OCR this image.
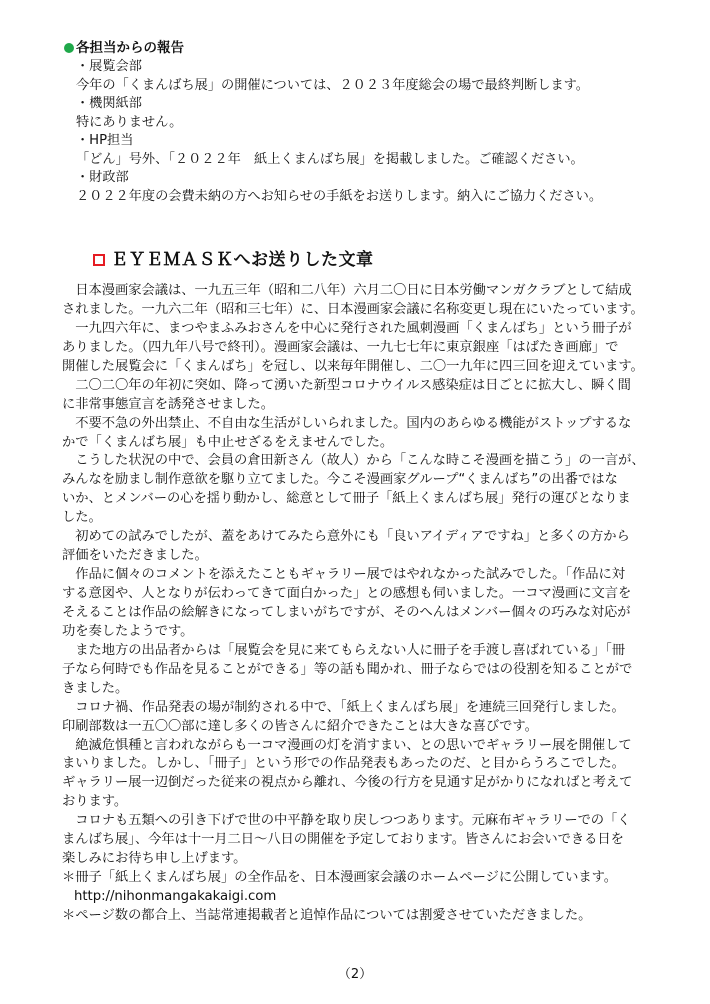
各担当からの報告
・展覧会部
今年の「くまんばち展」の開催については、２０２３年度総会の場で最終判断します。
・機関紙部
特にありません。
・HP担当
「どん」号外、「２０２２年　紙上くまんばち展」を掲載しました。ご確認ください。
・財政部
２０２２年度の会費未納の方へお知らせの手紙をお送りします。納入にご協力ください。
ＥＹＥＭＡＳＫへお送りした文章
　日本漫画家会議は、一九五三年（昭和二八年）六月二〇日に日本労働マンガクラブとして結成
されました。一九六二年（昭和三七年）に、日本漫画家会議に名称変更し現在にいたっています。
　一九四六年に、まつやまふみおさんを中心に発行された風刺漫画「くまんばち」という冊子が
ありました。（四九年八号で終刊）。漫画家会議は、一九七七年に東京銀座「はばたき画廊」で
開催した展覧会に「くまんばち」を冠し、以来毎年開催し、二〇一九年に四三回を迎えています。
　二〇二〇年の年初に突如、降って湧いた新型コロナウイルス感染症は日ごとに拡大し、瞬く間
に非常事態宣言を誘発させました。
　不要不急の外出禁止、不自由な生活がしいられました。国内のあらゆる機能がストップするな
かで「くまんばち展」も中止せざるをえませんでした。
　こうした状況の中で、会員の倉田新さん（故人）から「こんな時こそ漫画を描こう」の一言が、
みんなを励まし制作意欲を駆り立てました。今こそ漫画家グループ“くまんばち”の出番ではな
いか、とメンバーの心を揺り動かし、総意として冊子「紙上くまんばち展」発行の運びとなりま
した。
　初めての試みでしたが、蓋をあけてみたら意外にも「良いアイディアですね」と多くの方から
評価をいただきました。
　作品に個々のコメントを添えたこともギャラリー展ではやれなかった試みでした。「作品に対
する意図や、人となりが伝わってきて面白かった」との感想も伺いました。一コマ漫画に文言を
そえることは作品の絵解きになってしまいがちですが、そのへんはメンバー個々の巧みな対応が
功を奏したようです。
　また地方の出品者からは「展覧会を見に来てもらえない人に冊子を手渡し喜ばれている」「冊
子なら何時でも作品を見ることができる」等の話も聞かれ、冊子ならではの役割を知ることがで
きました。
　コロナ禍、作品発表の場が制約される中で、「紙上くまんばち展」を連続三回発行しました。
印刷部数は一五〇〇部に達し多くの皆さんに紹介できたことは大きな喜びです。
　絶滅危惧種と言われながらも一コマ漫画の灯を消すまい、との思いでギャラリー展を開催して
まいりました。しかし、「冊子」という形での作品発表もあったのだ、と目からうろこでした。
ギャラリー展一辺倒だった従来の視点から離れ、今後の行方を見通す足がかりになればと考えて
おります。
　コロナも五類への引き下げで世の中平静を取り戻しつつあります。元麻布ギャラリーでの「く
まんばち展」、今年は十一月二日～八日の開催を予定しております。皆さんにお会いできる日を
楽しみにお待ち申し上げます。
＊冊子「紙上くまんばち展」の全作品を、日本漫画家会議のホームページに公開しています。
http://nihonmangakakaigi.com
＊ページ数の都合上、当誌常連掲載者と追悼作品については割愛させていただきました。
（2）
